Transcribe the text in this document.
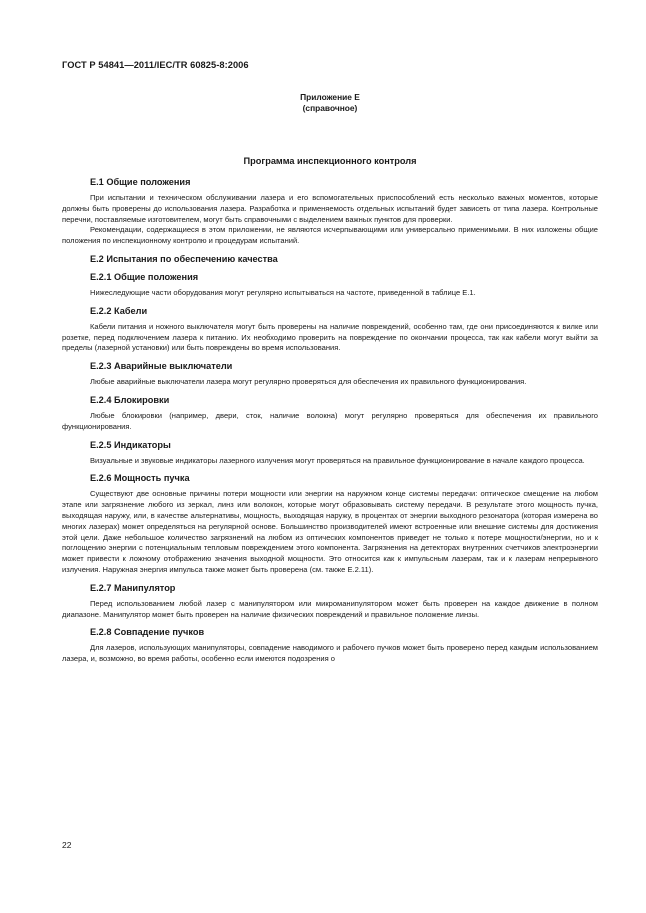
ГОСТ Р 54841—2011/IEC/TR 60825-8:2006
Приложение Е
(справочное)
Программа инспекционного контроля
Е.1 Общие положения

При испытании и техническом обслуживании лазера и его вспомогательных приспособлений есть несколько важных моментов, которые должны быть проверены до использования лазера. Разработка и применяемость отдельных испытаний будет зависеть от типа лазера. Контрольные перечни, поставляемые изготовителем, могут быть справочными с выделением важных пунктов для проверки.

Рекомендации, содержащиеся в этом приложении, не являются исчерпывающими или универсально применимыми. В них изложены общие положения по инспекционному контролю и процедурам испытаний.

Е.2 Испытания по обеспечению качества
Е.2.1 Общие положения

Нижеследующие части оборудования могут регулярно испытываться на частоте, приведенной в таблице Е.1.

Е.2.2 Кабели

Кабели питания и ножного выключателя могут быть проверены на наличие повреждений, особенно там, где они присоединяются к вилке или розетке, перед подключением лазера к питанию. Их необходимо проверить на повреждение по окончании процесса, так как кабели могут выйти за пределы (лазерной установки) или быть повреждены во время использования.

Е.2.3 Аварийные выключатели

Любые аварийные выключатели лазера могут регулярно проверяться для обеспечения их правильного функционирования.

Е.2.4 Блокировки

Любые блокировки (например, двери, сток, наличие волокна) могут регулярно проверяться для обеспечения их правильного функционирования.

Е.2.5 Индикаторы

Визуальные и звуковые индикаторы лазерного излучения могут проверяться на правильное функционирование в начале каждого процесса.

Е.2.6 Мощность пучка

Существуют две основные причины потери мощности или энергии на наружном конце системы передачи: оптическое смещение на любом этапе или загрязнение любого из зеркал, линз или волокон, которые могут образовывать систему передачи. В результате этого мощность пучка, выходящая наружу, или, в качестве альтернативы, мощность, выходящая наружу, в процентах от энергии выходного резонатора (которая измерена во многих лазерах) может определяться на регулярной основе. Большинство производителей имеют встроенные или внешние системы для достижения этой цели. Даже небольшое количество загрязнений на любом из оптических компонентов приведет не только к потере мощности/энергии, но и к поглощению энергии с потенциальным тепловым повреждением этого компонента. Загрязнения на детекторах внутренних счетчиков электроэнергии может привести к ложному отображению значения выходной мощности. Это относится как к импульсным лазерам, так и к лазерам непрерывного излучения. Наружная энергия импульса также может быть проверена (см. также Е.2.11).

Е.2.7 Манипулятор

Перед использованием любой лазер с манипулятором или микроманипулятором может быть проверен на каждое движение в полном диапазоне. Манипулятор может быть проверен на наличие физических повреждений и правильное положение линзы.

Е.2.8 Совпадение пучков

Для лазеров, использующих манипуляторы, совпадение наводимого и рабочего пучков может быть проверено перед каждым использованием лазера, и, возможно, во время работы, особенно если имеются подозрения о

22
